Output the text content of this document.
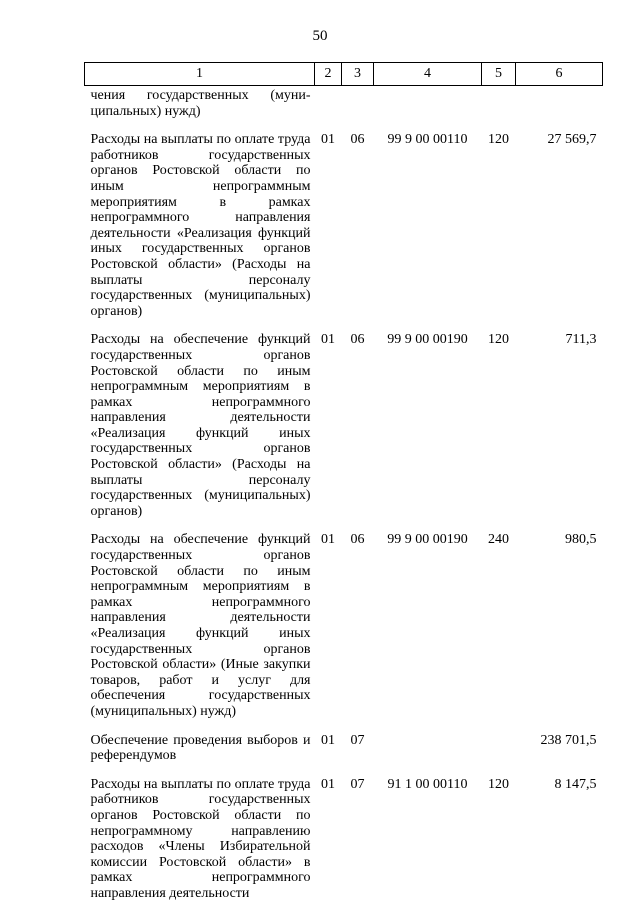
50
1	2	3	4	5	6
чения государственных (муни-ципальных) нужд)					
Расходы на выплаты по оплате труда работников государственных органов Ростовской области по иным непрограммным мероприятиям в рамках непрограммного направления деятельности «Реализация функций иных государственных органов Ростовской области» (Расходы на выплаты персоналу государственных (муниципальных) органов)	01	06	99 9 00 00110	120	27 569,7
Расходы на обеспечение функций государственных органов Ростовской области по иным непрограммным мероприятиям в рамках непрограммного направления деятельности «Реализация функций иных государственных органов Ростовской области» (Расходы на выплаты персоналу государственных (муниципальных) органов)	01	06	99 9 00 00190	120	711,3
Расходы на обеспечение функций государственных органов Ростовской области по иным непрограммным мероприятиям в рамках непрограммного направления деятельности «Реализация функций иных государственных органов Ростовской области» (Иные закупки товаров, работ и услуг для обеспечения государственных (муниципальных) нужд)	01	06	99 9 00 00190	240	980,5
Обеспечение проведения выборов и референдумов	01	07			238 701,5
Расходы на выплаты по оплате труда работников государственных органов Ростовской области по непрограммному направлению расходов «Члены Избирательной комиссии Ростовской области» в рамках непрограммного направления деятельности	01	07	91 1 00 00110	120	8 147,5
